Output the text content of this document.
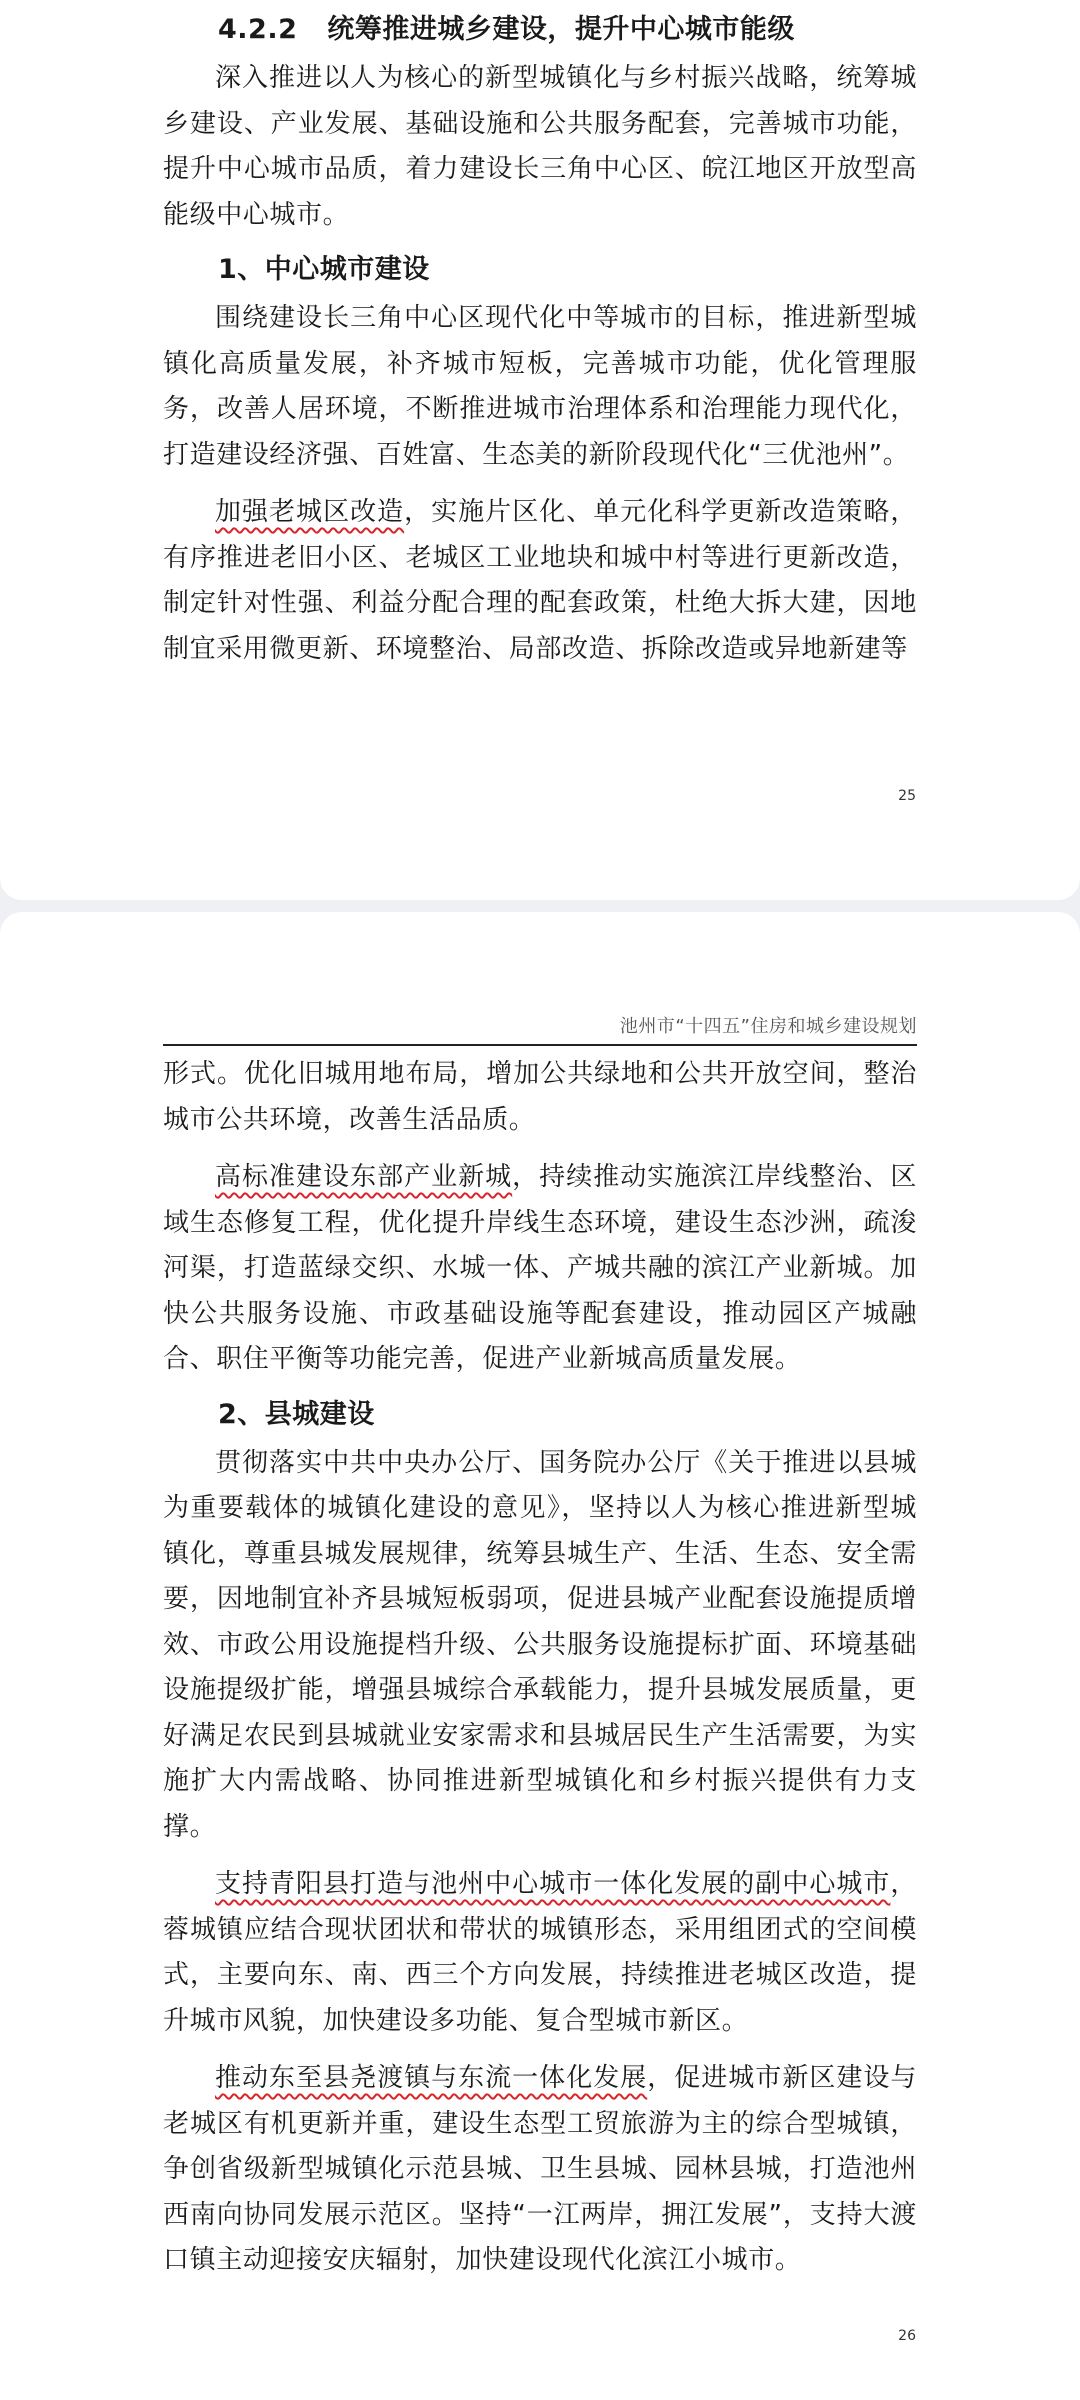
4.2.2 统筹推进城乡建设，提升中心城市能级

深入推进以人为核心的新型城镇化与乡村振兴战略，统筹城乡建设、产业发展、基础设施和公共服务配套，完善城市功能，提升中心城市品质，着力建设长三角中心区、皖江地区开放型高能级中心城市。

1、中心城市建设

围绕建设长三角中心区现代化中等城市的目标，推进新型城镇化高质量发展，补齐城市短板，完善城市功能，优化管理服务，改善人居环境，不断推进城市治理体系和治理能力现代化，打造建设经济强、百姓富、生态美的新阶段现代化“三优池州”。

加强老城区改造，实施片区化、单元化科学更新改造策略，有序推进老旧小区、老城区工业地块和城中村等进行更新改造，制定针对性强、利益分配合理的配套政策，杜绝大拆大建，因地制宜采用微更新、环境整治、局部改造、拆除改造或异地新建等

25
池州市“十四五”住房和城乡建设规划

形式。优化旧城用地布局，增加公共绿地和公共开放空间，整治城市公共环境，改善生活品质。

高标准建设东部产业新城，持续推动实施滨江岸线整治、区域生态修复工程，优化提升岸线生态环境，建设生态沙洲，疏浚河渠，打造蓝绿交织、水城一体、产城共融的滨江产业新城。加快公共服务设施、市政基础设施等配套建设，推动园区产城融合、职住平衡等功能完善，促进产业新城高质量发展。

2、县城建设

贯彻落实中共中央办公厅、国务院办公厅《关于推进以县城为重要载体的城镇化建设的意见》，坚持以人为核心推进新型城镇化，尊重县城发展规律，统筹县城生产、生活、生态、安全需要，因地制宜补齐县城短板弱项，促进县城产业配套设施提质增效、市政公用设施提档升级、公共服务设施提标扩面、环境基础设施提级扩能，增强县城综合承载能力，提升县城发展质量，更好满足农民到县城就业安家需求和县城居民生产生活需要，为实施扩大内需战略、协同推进新型城镇化和乡村振兴提供有力支撑。

支持青阳县打造与池州中心城市一体化发展的副中心城市，蓉城镇应结合现状团状和带状的城镇形态，采用组团式的空间模式，主要向东、南、西三个方向发展，持续推进老城区改造，提升城市风貌，加快建设多功能、复合型城市新区。

推动东至县尧渡镇与东流一体化发展，促进城市新区建设与老城区有机更新并重，建设生态型工贸旅游为主的综合型城镇，争创省级新型城镇化示范县城、卫生县城、园林县城，打造池州西南向协同发展示范区。坚持“一江两岸，拥江发展”，支持大渡口镇主动迎接安庆辐射，加快建设现代化滨江小城市。

26
